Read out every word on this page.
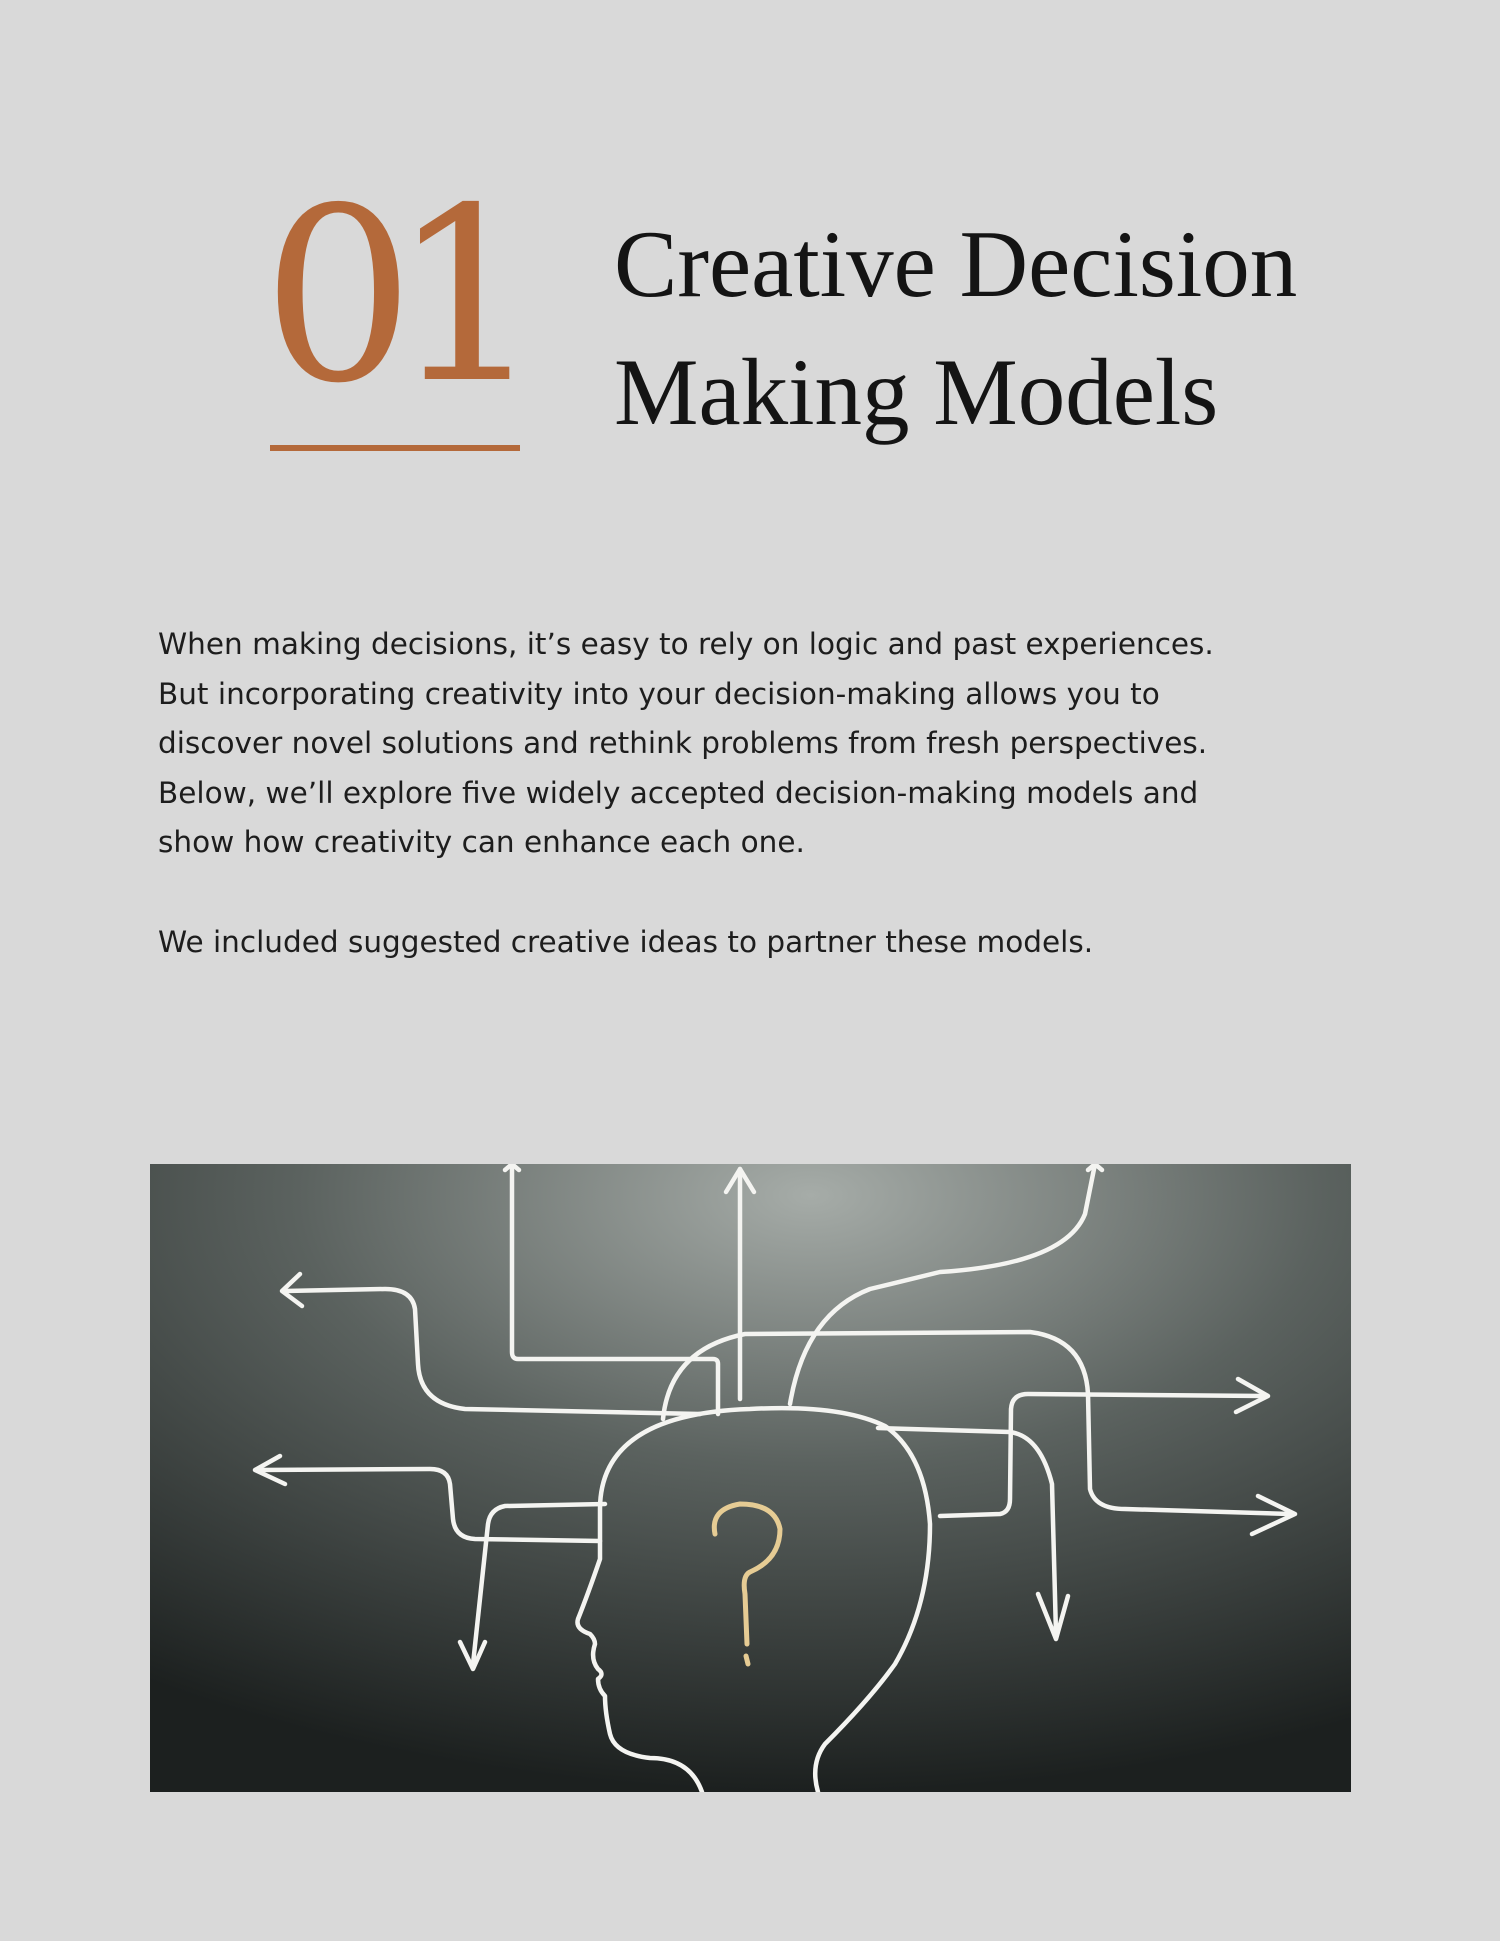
01 Creative Decision
Making Models

When making decisions, it’s easy to rely on logic and past experiences.
But incorporating creativity into your decision-making allows you to
discover novel solutions and rethink problems from fresh perspectives.
Below, we’ll explore five widely accepted decision-making models and
show how creativity can enhance each one.

We included suggested creative ideas to partner these models.
